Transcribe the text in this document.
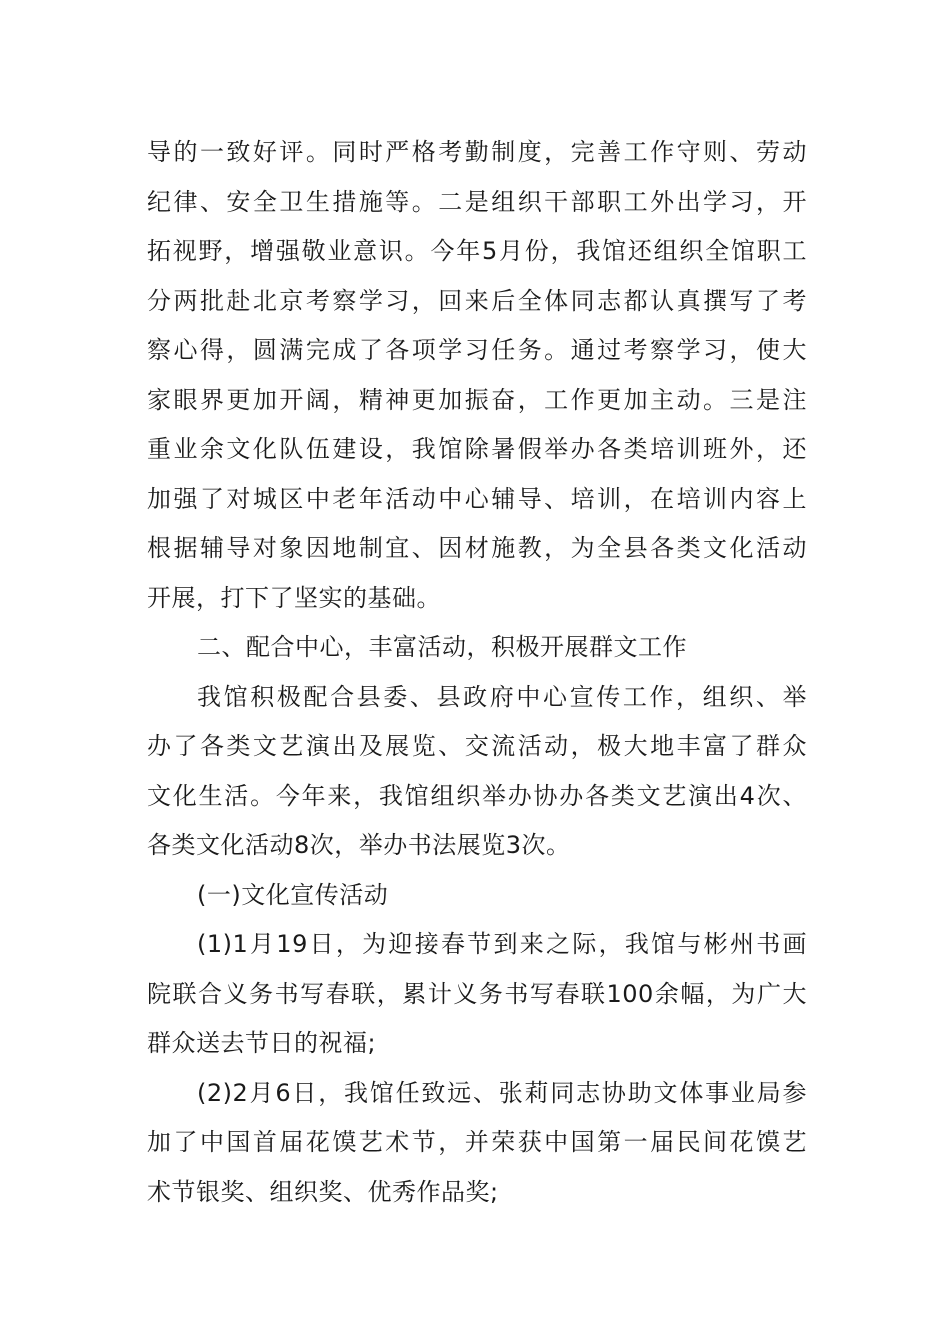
导的一致好评。同时严格考勤制度，完善工作守则、劳动
纪律、安全卫生措施等。二是组织干部职工外出学习，开
拓视野，增强敬业意识。今年5月份，我馆还组织全馆职工
分两批赴北京考察学习，回来后全体同志都认真撰写了考
察心得，圆满完成了各项学习任务。通过考察学习，使大
家眼界更加开阔，精神更加振奋，工作更加主动。三是注
重业余文化队伍建设，我馆除暑假举办各类培训班外，还
加强了对城区中老年活动中心辅导、培训，在培训内容上
根据辅导对象因地制宜、因材施教，为全县各类文化活动
开展，打下了坚实的基础。
二、配合中心，丰富活动，积极开展群文工作
我馆积极配合县委、县政府中心宣传工作，组织、举
办了各类文艺演出及展览、交流活动，极大地丰富了群众
文化生活。今年来，我馆组织举办协办各类文艺演出4次、
各类文化活动8次，举办书法展览3次。
(一)文化宣传活动
(1)1月19日，为迎接春节到来之际，我馆与彬州书画
院联合义务书写春联，累计义务书写春联100余幅，为广大
群众送去节日的祝福;
(2)2月6日，我馆任致远、张莉同志协助文体事业局参
加了中国首届花馍艺术节，并荣获中国第一届民间花馍艺
术节银奖、组织奖、优秀作品奖;
